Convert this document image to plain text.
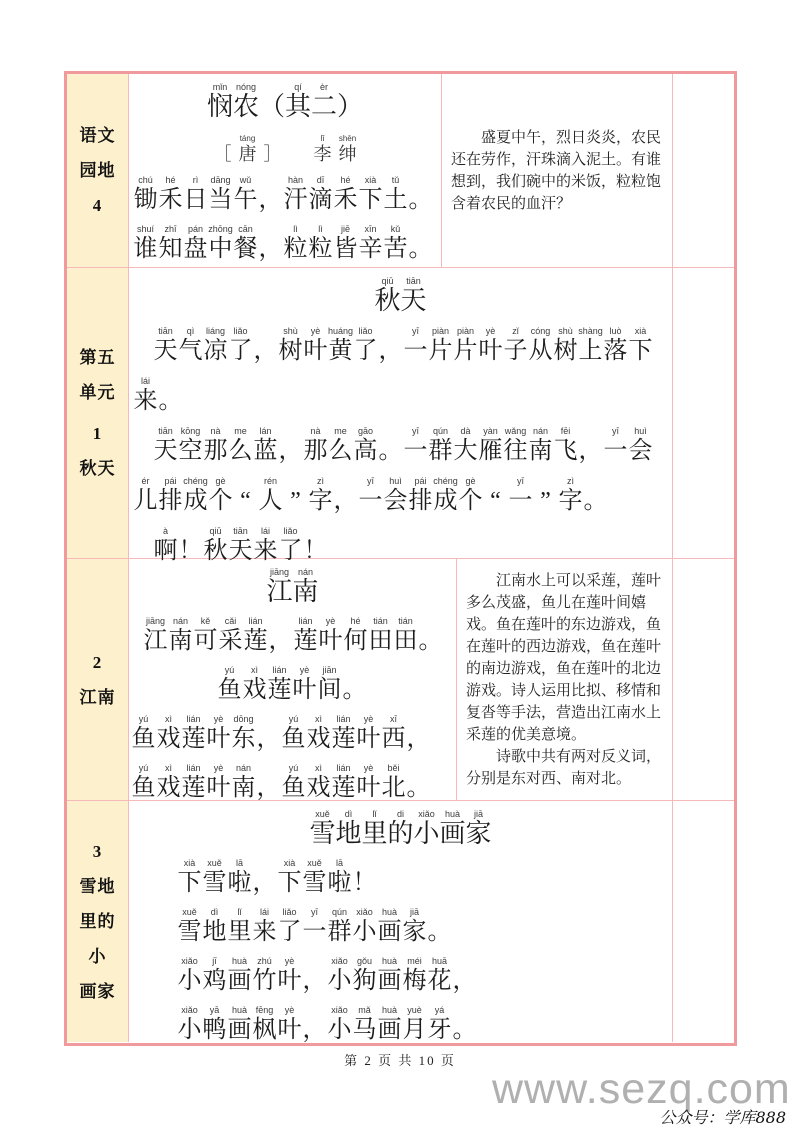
语文
园地
4
mǐn
悯
nóng
农 （
qí
其
èr
二 ）
［
táng
唐 ］

lǐ
李
shēn
绅
chú
锄
hé
禾
rì
日
dāng
当
wǔ
午 ，
hàn
汗
dī
滴
hé
禾
xià
下
tǔ
土 。
shuí
谁
zhī
知
pán
盘
zhōng
中
cān
餐 ，
lì
粒
lì
粒
jiē
皆
xīn
辛
kǔ
苦 。

盛夏中午，烈日炎炎，农民还在劳作，汗珠滴入泥土。有谁想到，我们碗中的米饭，粒粒饱含着农民的血汗？

第五
单元
1
秋天
qiū
秋
tiān
天
tiān
天
qì
气
liáng
凉
liǎo
了 ，
shù
树
yè
叶
huáng
黄
liǎo
了 ，
yī
一
piàn
片
piàn
片
yè
叶
zǐ
子
cóng
从
shù
树
shàng
上
luò
落
xià
下
lái
来 。
tiān
天
kōng
空
nà
那
me
么
lán
蓝 ，
nà
那
me
么
gāo
高 。
yī
一
qún
群
dà
大
yàn
雁
wǎng
往
nán
南
fēi
飞 ，
yī
一
huì
会
ér
儿
pái
排
chéng
成
gè
个 “
rén
人 ”
zì
字 ，
yī
一
huì
会
pái
排
chéng
成
gè
个 “
yī
一 ”
zì
字 。
à
啊 ！
qiū
秋
tiān
天
lái
来
liǎo
了 ！
2
江南
jiāng
江
nán
南
jiāng
江
nán
南
kě
可
cǎi
采
lián
莲 ，
lián
莲
yè
叶
hé
何
tián
田
tián
田 。
yú
鱼
xì
戏
lián
莲
yè
叶
jiān
间 。
yú
鱼
xì
戏
lián
莲
yè
叶
dōng
东 ，
yú
鱼
xì
戏
lián
莲
yè
叶
xī
西 ，
yú
鱼
xì
戏
lián
莲
yè
叶
nán
南 ，
yú
鱼
xì
戏
lián
莲
yè
叶
běi
北 。

江南水上可以采莲，莲叶多么茂盛，鱼儿在莲叶间嬉戏。鱼在莲叶的东边游戏，鱼在莲叶的西边游戏，鱼在莲叶的南边游戏，鱼在莲叶的北边游戏。诗人运用比拟、移情和复沓等手法，营造出江南水上采莲的优美意境。

诗歌中共有两对反义词，分别是东对西、南对北。

3
雪地
里的
小
画家
xuě
雪
dì
地
lǐ
里
di
的
xiǎo
小
huà
画
jiā
家
xià
下
xuě
雪
lā
啦 ，
xià
下
xuě
雪
lā
啦 ！
xuě
雪
dì
地
lǐ
里
lái
来
liǎo
了
yī
一
qún
群
xiǎo
小
huà
画
jiā
家 。
xiǎo
小
jī
鸡
huà
画
zhú
竹
yè
叶 ，
xiǎo
小
gǒu
狗
huà
画
méi
梅
huā
花 ，
xiǎo
小
yā
鸭
huà
画
fēng
枫
yè
叶 ，
xiǎo
小
mǎ
马
huà
画
yuè
月
yá
牙 。
第 2 页 共 10 页
www.sezq.com
公众号：学库888
